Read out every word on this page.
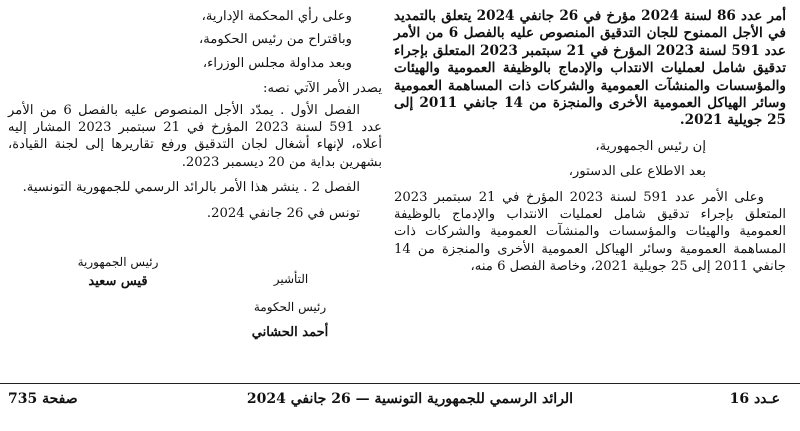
أمر عدد 86 لسنة 2024 مؤرخ في 26 جانفي 2024 يتعلق بالتمديد في الأجل الممنوح للجان التدقيق المنصوص عليه بالفصل 6 من الأمر عدد 591 لسنة 2023 المؤرخ في 21 سبتمبر 2023 المتعلق بإجراء تدقيق شامل لعمليات الانتداب والإدماج بالوظيفة العمومية والهيئات والمؤسسات والمنشآت العمومية والشركات ذات المساهمة العمومية وسائر الهياكل العمومية الأخرى والمنجزة من 14 جانفي 2011 إلى 25 جويلية 2021.

إن رئيس الجمهورية،

بعد الاطلاع على الدستور،

وعلى الأمر عدد 591 لسنة 2023 المؤرخ في 21 سبتمبر 2023 المتعلق بإجراء تدقيق شامل لعمليات الانتداب والإدماج بالوظيفة العمومية والهيئات والمؤسسات والمنشآت العمومية والشركات ذات المساهمة العمومية وسائر الهياكل العمومية الأخرى والمنجزة من 14 جانفي 2011 إلى 25 جويلية 2021، وخاصة الفصل 6 منه،

وعلى رأي المحكمة الإدارية،

وباقتراح من رئيس الحكومة،

وبعد مداولة مجلس الوزراء،

يصدر الأمر الآتي نصه:

الفصل الأول . يمدّد الأجل المنصوص عليه بالفصل 6 من الأمر عدد 591 لسنة 2023 المؤرخ في 21 سبتمبر 2023 المشار إليه أعلاه، لإنهاء أشغال لجان التدقيق ورفع تقاريرها إلى لجنة القيادة، بشهرين بداية من 20 ديسمبر 2023.

الفصل 2 . ينشر هذا الأمر بالرائد الرسمي للجمهورية التونسية.

تونس في 26 جانفي 2024.

رئيس الجمهورية
قيس سعيد	التأشير
رئيس الحكومة
أحمد الحشاني
عـدد 16
الرائد الرسمي للجمهورية التونسية — 26 جانفي 2024
صفحة 735
